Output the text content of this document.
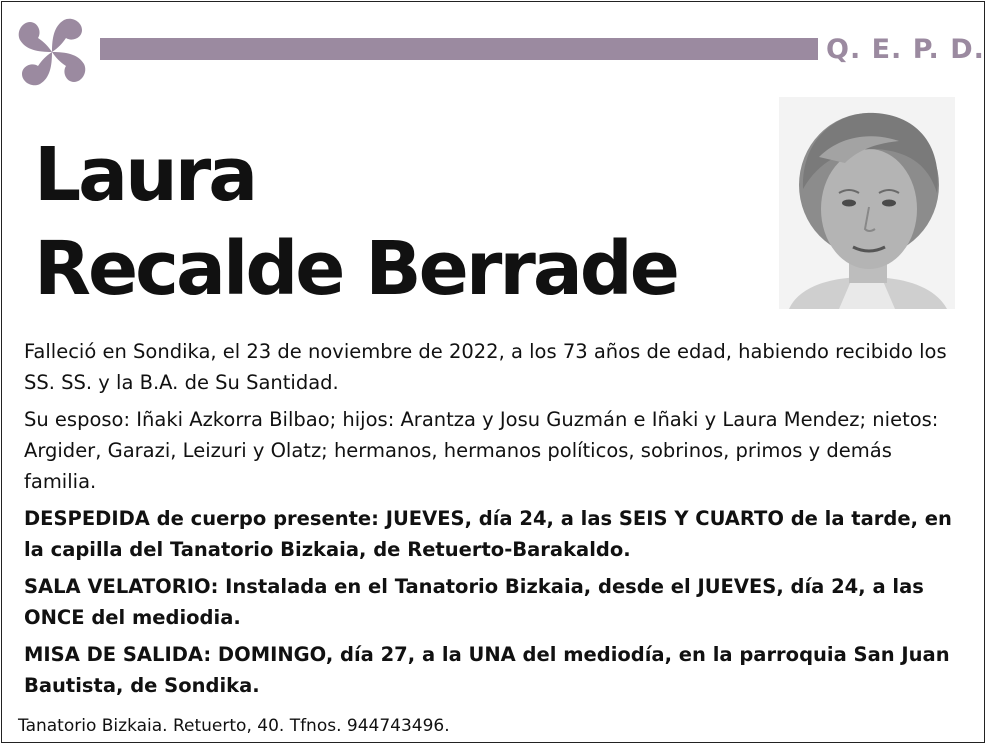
Q. E. P. D.
Laura
Recalde Berrade

Falleció en Sondika, el 23 de noviembre de 2022, a los 73 años de edad, habiendo recibido los SS. SS. y la B.A. de Su Santidad.

Su esposo: Iñaki Azkorra Bilbao; hijos: Arantza y Josu Guzmán e Iñaki y Laura Mendez; nietos: Argider, Garazi, Leizuri y Olatz; hermanos, hermanos políticos, sobrinos, primos y demás familia.

DESPEDIDA de cuerpo presente: JUEVES, día 24, a las SEIS Y CUARTO de la tarde, en la capilla del Tanatorio Bizkaia, de Retuerto-Barakaldo.

SALA VELATORIO: Instalada en el Tanatorio Bizkaia, desde el JUEVES, día 24, a las ONCE del mediodia.

MISA DE SALIDA: DOMINGO, día 27, a la UNA del mediodía, en la parroquia San Juan Bautista, de Sondika.

Tanatorio Bizkaia. Retuerto, 40. Tfnos. 944743496.
